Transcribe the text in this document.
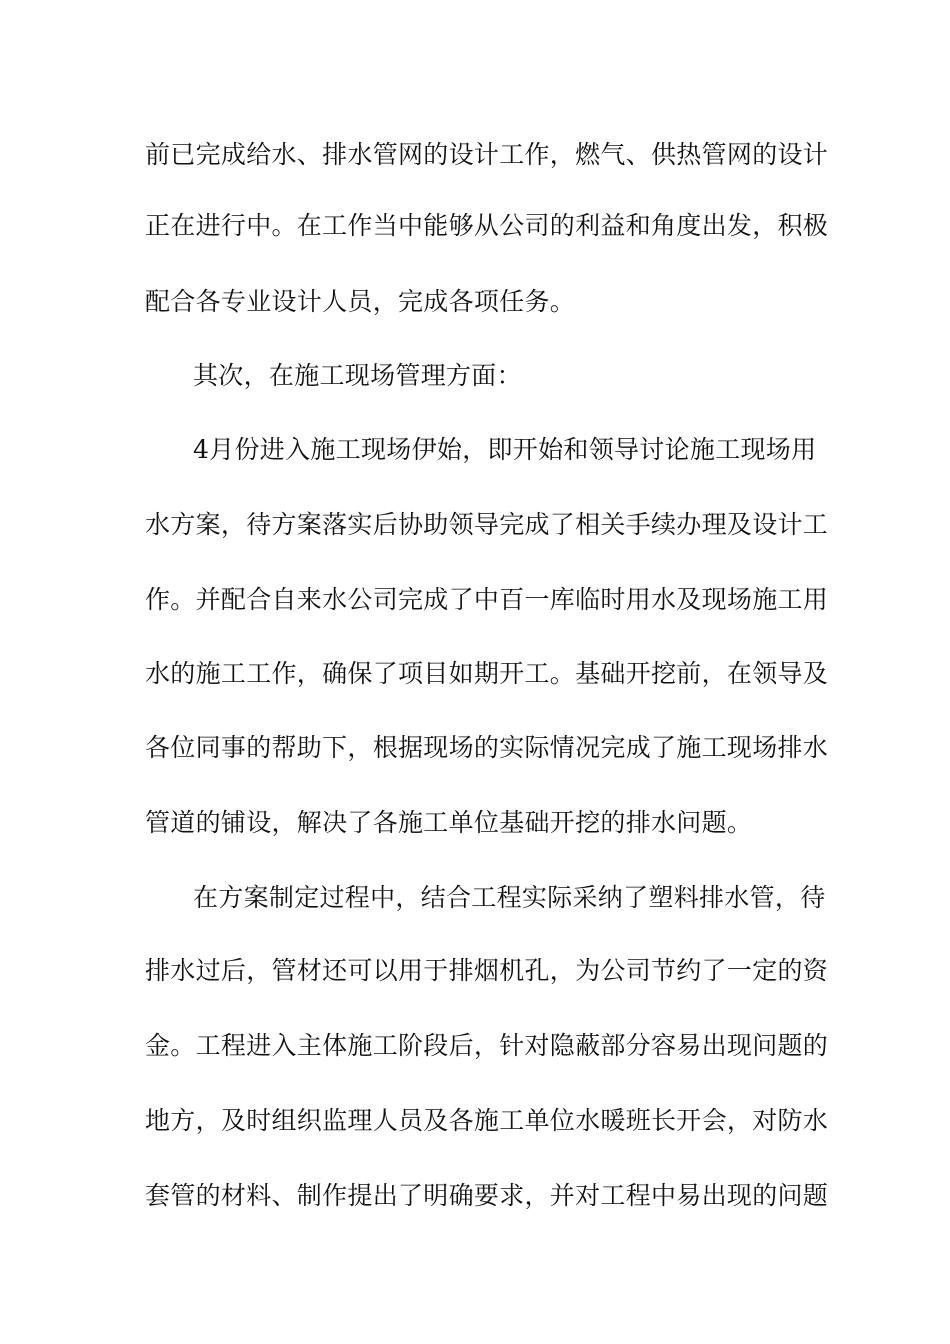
前已完成给水、排水管网的设计工作，燃气、供热管网的设计
正在进行中。在工作当中能够从公司的利益和角度出发，积极
配合各专业设计人员，完成各项任务。
其次，在施工现场管理方面：
4月份进入施工现场伊始，即开始和领导讨论施工现场用
水方案，待方案落实后协助领导完成了相关手续办理及设计工
作。并配合自来水公司完成了中百一库临时用水及现场施工用
水的施工工作，确保了项目如期开工。基础开挖前，在领导及
各位同事的帮助下，根据现场的实际情况完成了施工现场排水
管道的铺设，解决了各施工单位基础开挖的排水问题。
在方案制定过程中，结合工程实际采纳了塑料排水管，待
排水过后，管材还可以用于排烟机孔，为公司节约了一定的资
金。工程进入主体施工阶段后，针对隐蔽部分容易出现问题的
地方，及时组织监理人员及各施工单位水暖班长开会，对防水
套管的材料、制作提出了明确要求，并对工程中易出现的问题
